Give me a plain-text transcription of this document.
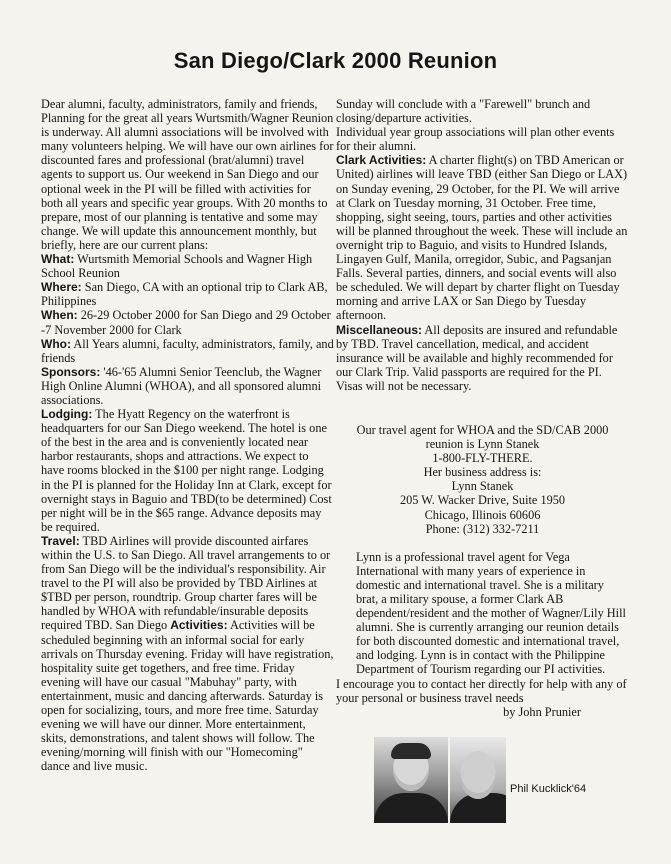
San Diego/Clark 2000 Reunion

Dear alumni, faculty, administrators, family and friends,

Planning for the great all years Wurtsmith/Wagner Reunion is underway. All alumni associations will be involved with many volunteers helping. We will have our own airlines for discounted fares and professional (brat/alumni) travel agents to support us. Our weekend in San Diego and our optional week in the PI will be filled with activities for both all years and specific year groups. With 20 months to prepare, most of our planning is tentative and some may change. We will update this announcement monthly, but briefly, here are our current plans:

What: Wurtsmith Memorial Schools and Wagner High School Reunion

Where: San Diego, CA with an optional trip to Clark AB, Philippines

When: 26-29 October 2000 for San Diego and 29 October -7 November 2000 for Clark

Who: All Years alumni, faculty, administrators, family, and friends

Sponsors: '46-'65 Alumni Senior Teenclub, the Wagner High Online Alumni (WHOA), and all sponsored alumni associations.

Lodging: The Hyatt Regency on the waterfront is headquarters for our San Diego weekend. The hotel is one of the best in the area and is conveniently located near harbor restaurants, shops and attractions. We expect to have rooms blocked in the $100 per night range. Lodging in the PI is planned for the Holiday Inn at Clark, except for overnight stays in Baguio and TBD(to be determined) Cost per night will be in the $65 range. Advance deposits may be required.

Travel: TBD Airlines will provide discounted airfares within the U.S. to San Diego. All travel arrangements to or from San Diego will be the individual's responsibility. Air travel to the PI will also be provided by TBD Airlines at $TBD per person, roundtrip. Group charter fares will be handled by WHOA with refundable/insurable deposits required TBD. San Diego Activities: Activities will be scheduled beginning with an informal social for early arrivals on Thursday evening. Friday will have registration, hospitality suite get togethers, and free time. Friday evening will have our casual "Mabuhay" party, with entertainment, music and dancing afterwards. Saturday is open for socializing, tours, and more free time. Saturday evening we will have our dinner. More entertainment, skits, demonstrations, and talent shows will follow. The evening/morning will finish with our "Homecoming" dance and live music.

Sunday will conclude with a "Farewell" brunch and closing/departure activities.

Individual year group associations will plan other events for their alumni.

Clark Activities: A charter flight(s) on TBD American or United) airlines will leave TBD (either San Diego or LAX) on Sunday evening, 29 October, for the PI. We will arrive at Clark on Tuesday morning, 31 October. Free time, shopping, sight seeing, tours, parties and other activities will be planned throughout the week. These will include an overnight trip to Baguio, and visits to Hundred Islands, Lingayen Gulf, Manila, orregidor, Subic, and Pagsanjan Falls. Several parties, dinners, and social events will also be scheduled. We will depart by charter flight on Tuesday morning and arrive LAX or San Diego by Tuesday afternoon.

Miscellaneous: All deposits are insured and refundable by TBD. Travel cancellation, medical, and accident insurance will be available and highly recommended for our Clark Trip. Valid passports are required for the PI. Visas will not be necessary.

Our travel agent for WHOA and the SD/CAB 2000
reunion is Lynn Stanek
1-800-FLY-THERE.
Her business address is:
Lynn Stanek
205 W. Wacker Drive, Suite 1950
Chicago, Illinois 60606
Phone: (312) 332-7211

Lynn is a professional travel agent for Vega International with many years of experience in domestic and international travel. She is a military brat, a military spouse, a former Clark AB dependent/resident and the mother of Wagner/Lily Hill alumni. She is currently arranging our reunion details for both discounted domestic and international travel, and lodging. Lynn is in contact with the Philippine Department of Tourism regarding our PI activities.

I encourage you to contact her directly for help with any of your personal or business travel needs

by John Prunier

Phil Kucklick'64
